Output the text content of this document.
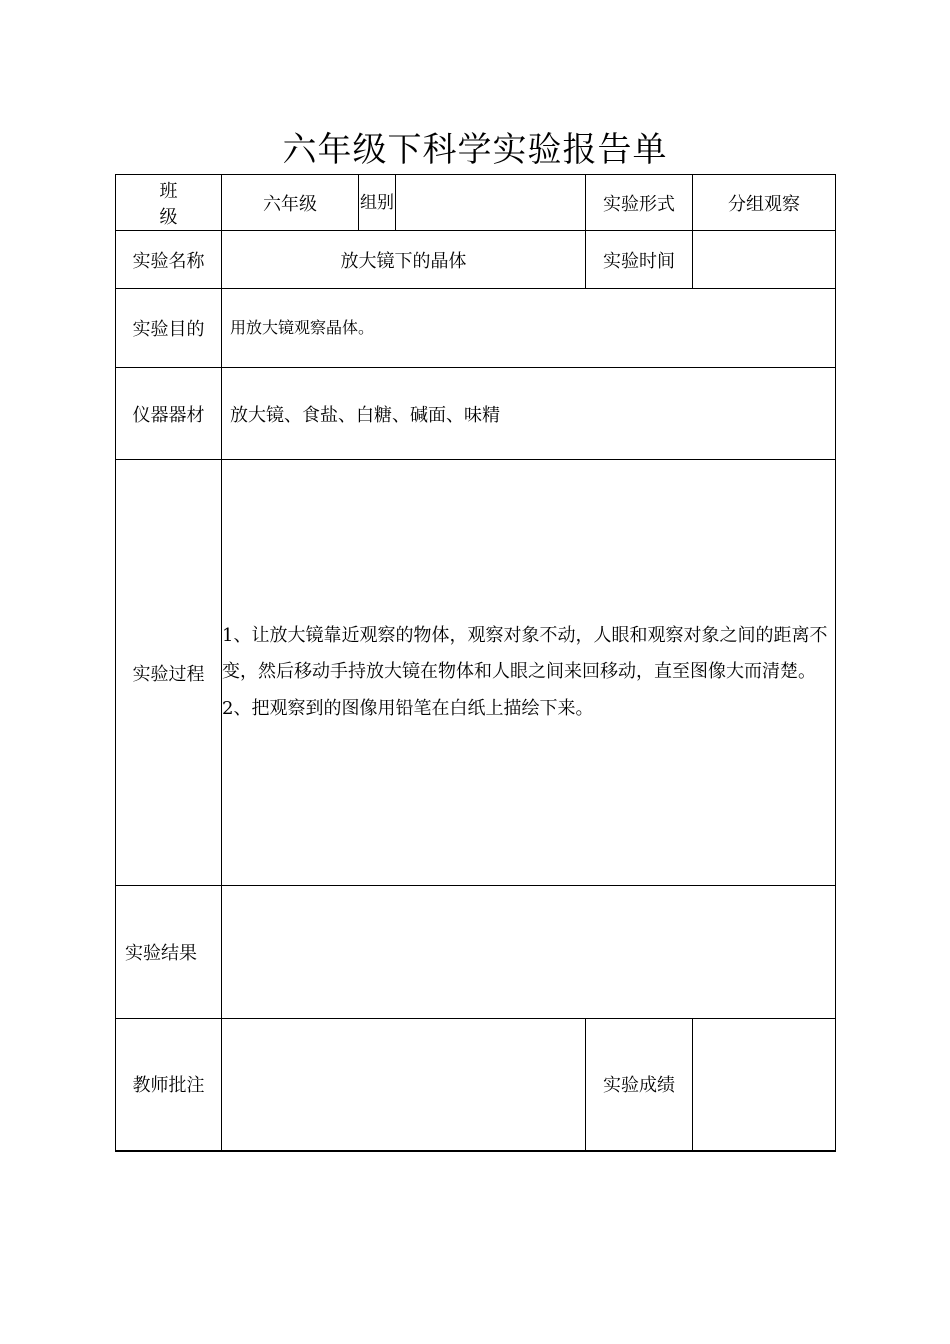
六年级下科学实验报告单
班 级	六年级	组别		实验形式	分组观察
实验名称	放大镜下的晶体			实验时间	
实验目的	用放大镜观察晶体。				
仪器器材	放大镜、食盐、白糖、碱面、味精				
实验过程	1、让放大镜靠近观察的物体，观察对象不动，人眼和观察对象之间的距离不变，然后移动手持放大镜在物体和人眼之间来回移动，直至图像大而清楚。

2、把观察到的图像用铅笔在白纸上描绘下来。				

实验结果					
教师批注				实验成绩	
